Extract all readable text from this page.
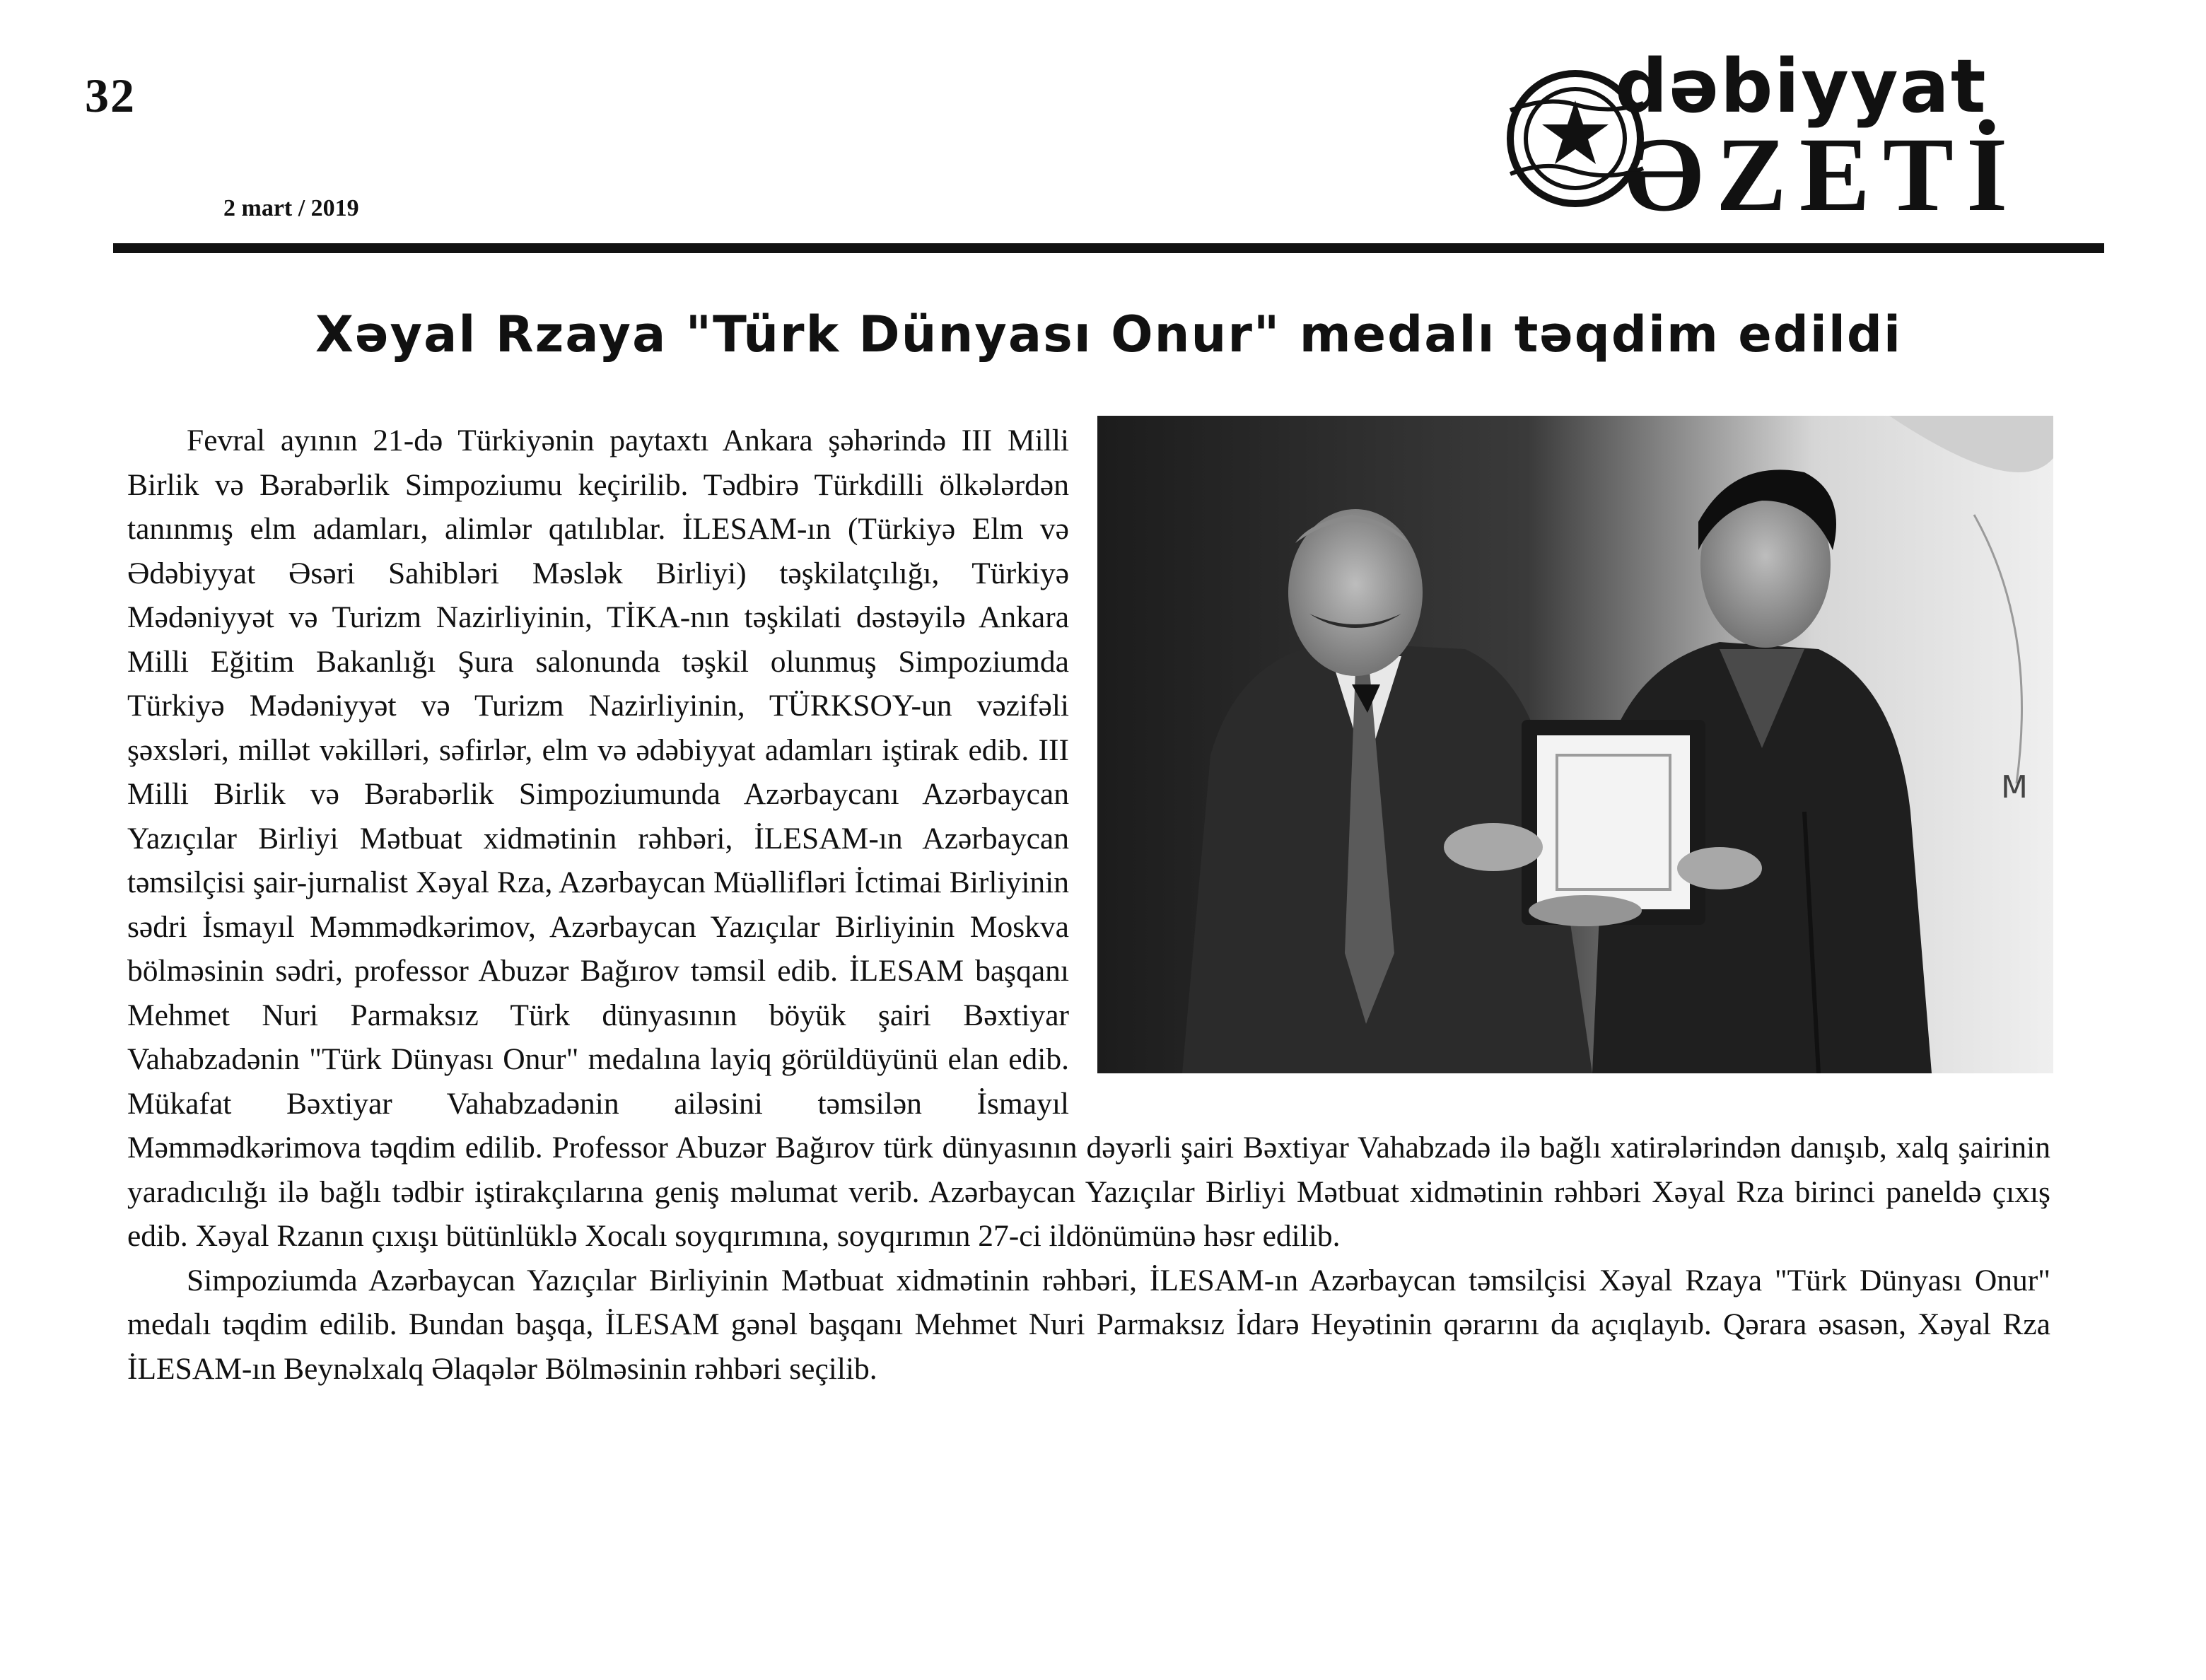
32
2 mart / 2019
dəbiyyat
ƏZETİ
Xəyal Rzaya "Türk Dünyası Onur" medalı təqdim edildi
M

Fevral ayının 21-də Türkiyənin paytaxtı Ankara şəhərində III Milli Birlik və Bərabərlik Simpoziumu keçirilib. Tədbirə Türkdilli ölkələrdən tanınmış elm adamları, alimlər qatılıblar. İLESAM-ın (Türkiyə Elm və Ədəbiyyat Əsəri Sahibləri Məslək Birliyi) təşkilatçılığı, Türkiyə Mədəniyyət və Turizm Nazirliyinin, TİKA-nın təşkilati dəstəyilə Ankara Milli Eğitim Bakanlığı Şura salonunda təşkil olunmuş Simpoziumda Türkiyə Mədəniyyət və Turizm Nazirliyinin, TÜRKSOY-un vəzifəli şəxsləri, millət vəkilləri, səfirlər, elm və ədəbiyyat adamları iştirak edib. III Milli Birlik və Bərabərlik Simpoziumunda Azərbaycanı Azərbaycan Yazıçılar Birliyi Mətbuat xidmətinin rəhbəri, İLESAM-ın Azərbaycan təmsilçisi şair-jurnalist Xəyal Rza, Azərbaycan Müəllifləri İctimai Birliyinin sədri İsmayıl Məmmədkərimov, Azərbaycan Yazıçılar Birliyinin Moskva bölməsinin sədri, professor Abuzər Bağırov təmsil edib. İLESAM başqanı Mehmet Nuri Parmaksız Türk dünyasının böyük şairi Bəxtiyar Vahabzadənin "Türk Dünyası Onur" medalına layiq görüldüyünü elan edib. Mükafat Bəxtiyar Vahabzadənin ailəsini təmsilən İsmayıl Məmmədkərimova təqdim edilib. Professor Abuzər Bağırov türk dünyasının dəyərli şairi Bəxtiyar Vahabzadə ilə bağlı xatirələrindən danışıb, xalq şairinin yaradıcılığı ilə bağlı tədbir iştirakçılarına geniş məlumat verib. Azərbaycan Yazıçılar Birliyi Mətbuat xidmətinin rəhbəri Xəyal Rza birinci paneldə çıxış edib. Xəyal Rzanın çıxışı bütünlüklə Xocalı soyqırımına, soyqırımın 27-ci ildönümünə həsr edilib.

Simpoziumda Azərbaycan Yazıçılar Birliyinin Mətbuat xidmətinin rəhbəri, İLESAM-ın Azərbaycan təmsilçisi Xəyal Rzaya "Türk Dünyası Onur" medalı təqdim edilib. Bundan başqa, İLESAM gənəl başqanı Mehmet Nuri Parmaksız İdarə Heyətinin qərarını da açıqlayıb. Qərara əsasən, Xəyal Rza İLESAM-ın Beynəlxalq Əlaqələr Bölməsinin rəhbəri seçilib.
